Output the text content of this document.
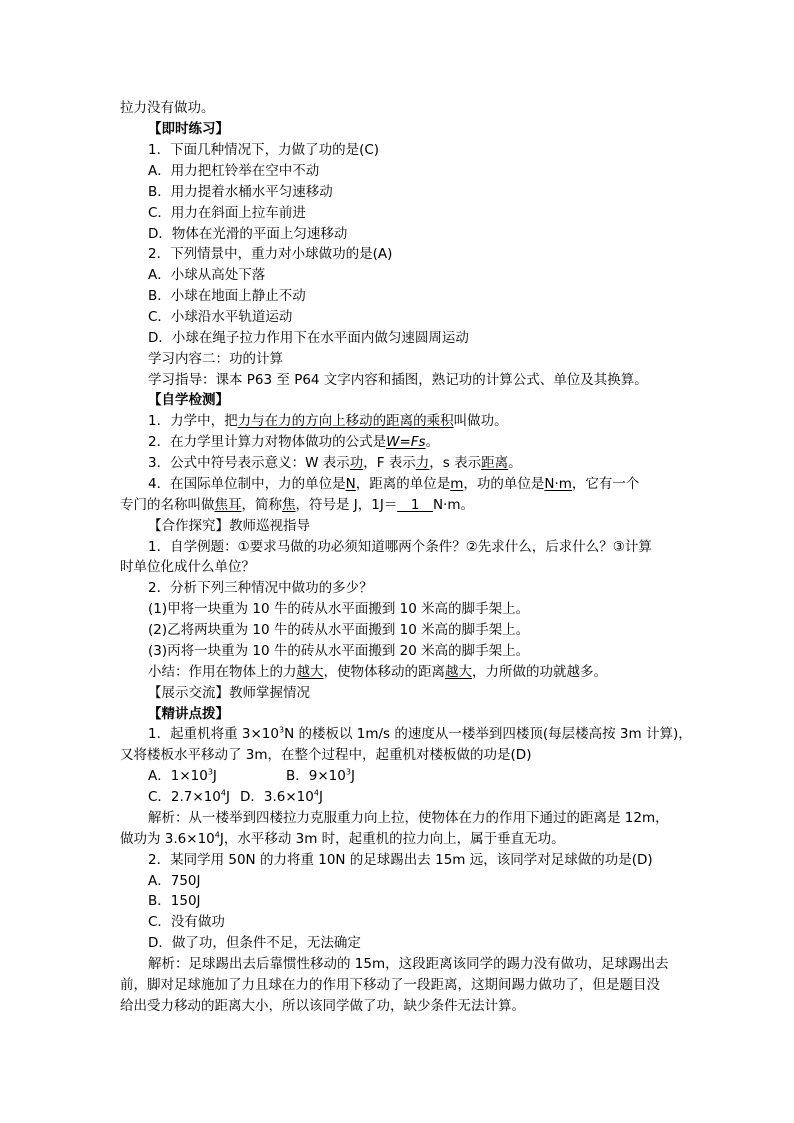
拉力没有做功。
【即时练习】
1．下面几种情况下，力做了功的是(C)
A．用力把杠铃举在空中不动
B．用力提着水桶水平匀速移动
C．用力在斜面上拉车前进
D．物体在光滑的平面上匀速移动
2．下列情景中，重力对小球做功的是(A)
A．小球从高处下落
B．小球在地面上静止不动
C．小球沿水平轨道运动
D．小球在绳子拉力作用下在水平面内做匀速圆周运动
学习内容二：功的计算
学习指导：课本 P63 至 P64 文字内容和插图，熟记功的计算公式、单位及其换算。
【自学检测】
1．力学中，把力与在力的方向上移动的距离的乘积叫做功。
2．在力学里计算力对物体做功的公式是W=Fs。
3．公式中符号表示意义：W 表示功，F 表示力，s 表示距离。
4．在国际单位制中，力的单位是N，距离的单位是m，功的单位是N·m，它有一个
专门的名称叫做焦耳，简称焦，符号是 J，1J＝__1__N·m。
【合作探究】教师巡视指导
1．自学例题：①要求马做的功必须知道哪两个条件？②先求什么，后求什么？③计算
时单位化成什么单位？
2．分析下列三种情况中做功的多少？
(1)甲将一块重为 10 牛的砖从水平面搬到 10 米高的脚手架上。
(2)乙将两块重为 10 牛的砖从水平面搬到 10 米高的脚手架上。
(3)丙将一块重为 10 牛的砖从水平面搬到 20 米高的脚手架上。
小结：作用在物体上的力越大，使物体移动的距离越大，力所做的功就越多。
【展示交流】教师掌握情况
【精讲点拨】
1．起重机将重 $3\times 10^3N$ 的楼板以 1m/s 的速度从一楼举到四楼顶(每层楼高按 3m 计算)，
又将楼板水平移动了 3m，在整个过程中，起重机对楼板做的功是(D)
A．$1\times 10^3J$	B．$9\times 10^3J$
C．$2.7\times 10^4J$ D．$3.6\times 10^4J$
解析：从一楼举到四楼拉力克服重力向上拉，使物体在力的作用下通过的距离是 12m，
做功为 $3.6\times 10^4J$，水平移动 3m 时，起重机的拉力向上，属于垂直无功。
2．某同学用 50N 的力将重 10N 的足球踢出去 15m 远，该同学对足球做的功是(D)
A．750J
B．150J
C．没有做功
D．做了功，但条件不足，无法确定
解析：足球踢出去后靠惯性移动的 15m，这段距离该同学的踢力没有做功，足球踢出去
前，脚对足球施加了力且球在力的作用下移动了一段距离，这期间踢力做功了，但是题目没
给出受力移动的距离大小，所以该同学做了功，缺少条件无法计算。
